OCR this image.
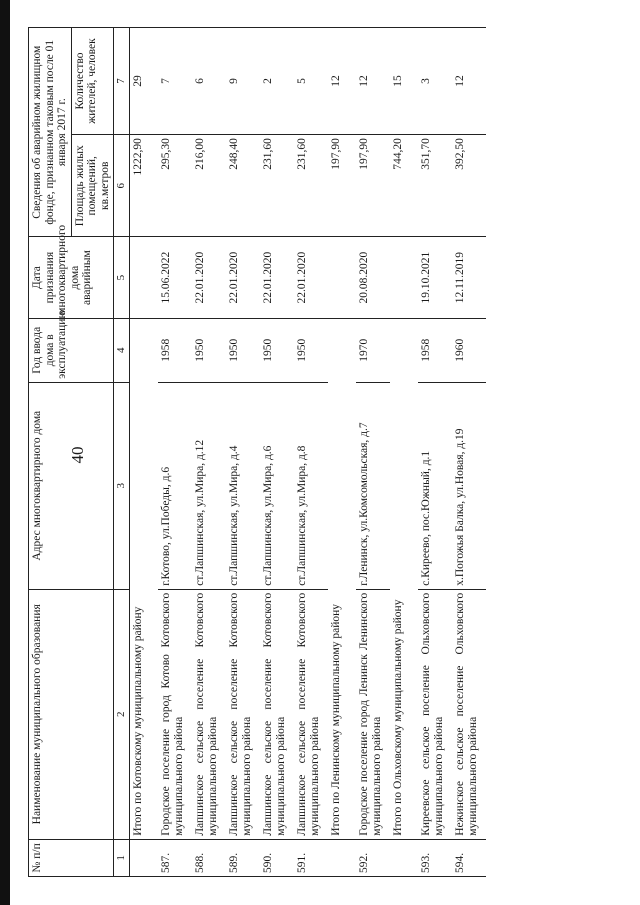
40
№ п/п	Наименование муниципального образования	Адрес многоквартирного дома	Год ввода дома в эксплуатацию	Дата признания многоквартирного дома аварийным	Сведения об аварийном жилищном фонде, признанном таковым после 01 января 2017 г.	
					Площадь жилых помещений, кв.метров	Количество жителей, человек
1	2	3	4	5	6	7
	Итого по Котовскому муниципальному району				1222,90	29
587.	Городское поселение город Котово Котовского муниципального района	г.Котово, ул.Победы, д.6	1958	15.06.2022	295,30	7
588.	Лапшинское сельское поселение Котовского муниципального района	ст.Лапшинская, ул.Мира, д.12	1950	22.01.2020	216,00	6
589.	Лапшинское сельское поселение Котовского муниципального района	ст.Лапшинская, ул.Мира, д.4	1950	22.01.2020	248,40	9
590.	Лапшинское сельское поселение Котовского муниципального района	ст.Лапшинская, ул.Мира, д.6	1950	22.01.2020	231,60	2
591.	Лапшинское сельское поселение Котовского муниципального района	ст.Лапшинская, ул.Мира, д.8	1950	22.01.2020	231,60	5
	Итого по Ленинскому муниципальному району				197,90	12
592.	Городское поселение город Ленинск Ленинского муниципального района	г.Ленинск, ул.Комсомольская, д.7	1970	20.08.2020	197,90	12
	Итого по Ольховскому муниципальному району				744,20	15
593.	Киреевское сельское поселение Ольховского муниципального района	с.Киреево, пос.Южный, д.1	1958	19.10.2021	351,70	3
594.	Нежинское сельское поселение Ольховского муниципального района	х.Погожья Балка, ул.Новая, д.19	1960	12.11.2019	392,50	12
